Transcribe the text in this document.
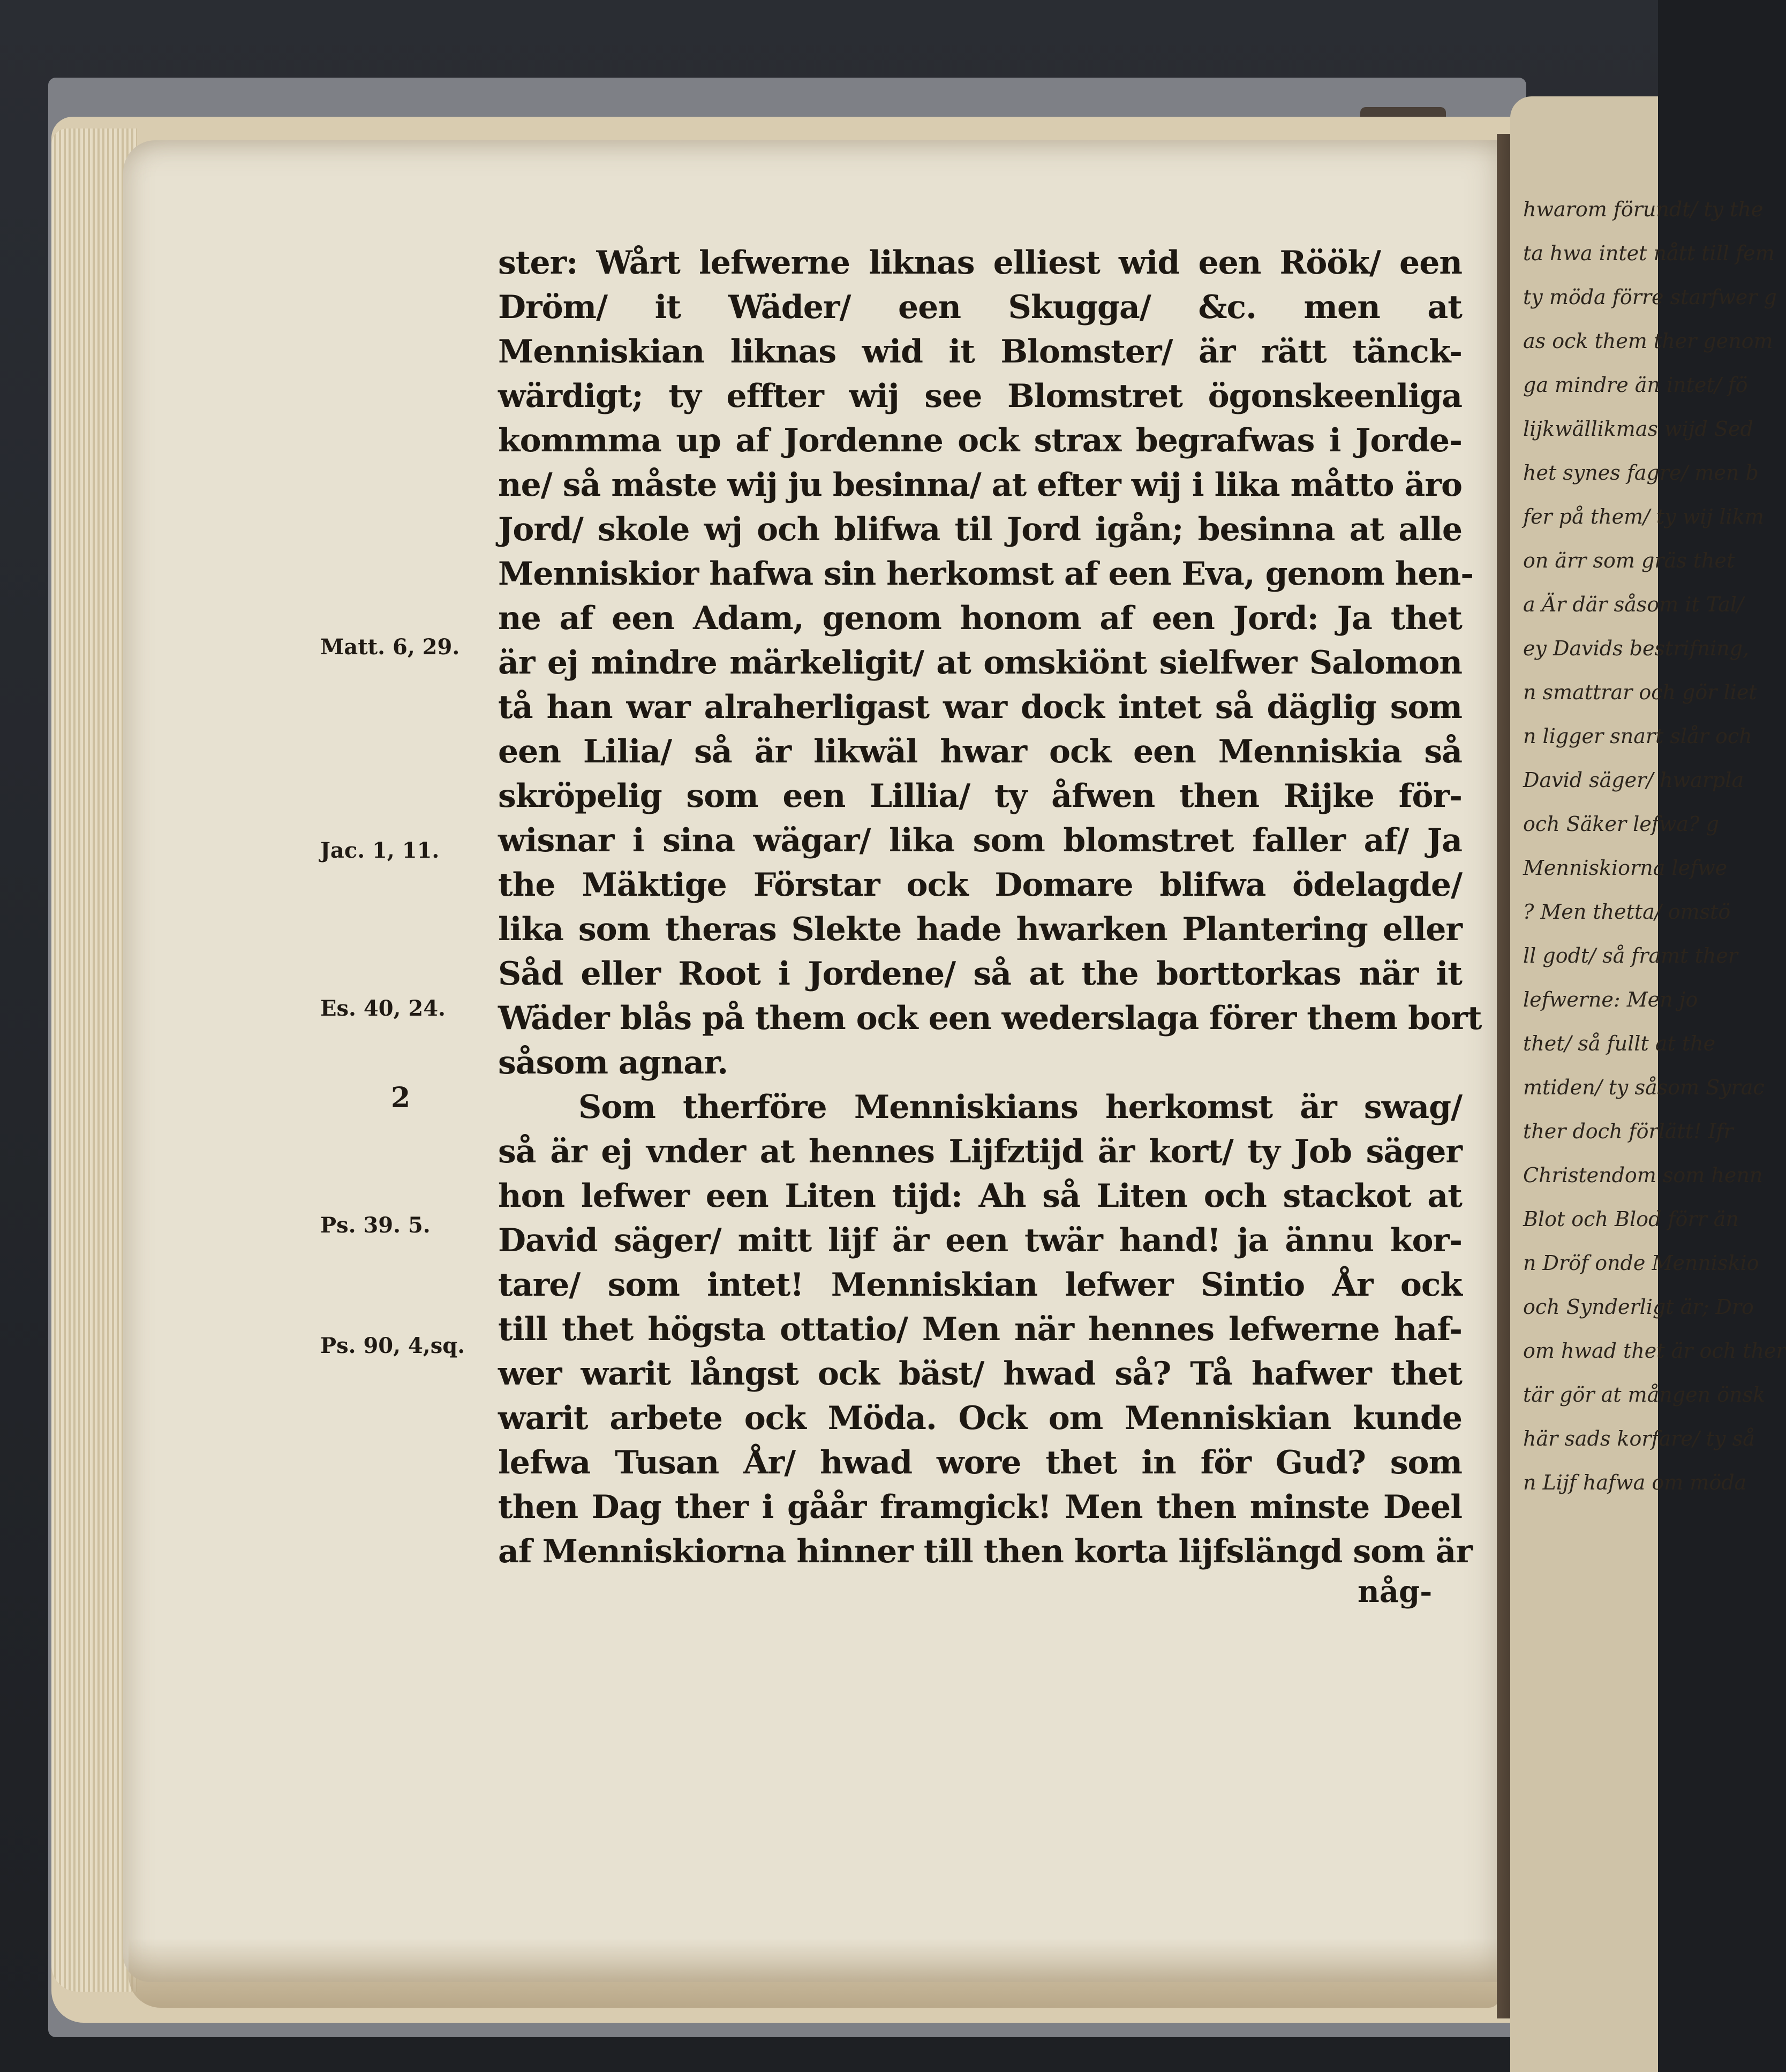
hwarom förundt/ ty the
ta hwa intet nått till fem
ty möda förre starfwer g
as ock them ther genom
ga mindre än intet/ fö
lijkwällikmas wijd Sed
het synes fagre/ men b
fer på them/ ty wij likm
on ärr som gräs thet
a Är där såsom it Tal/
ey Davids bestrifning,
n smattrar och gör liet
n ligger snart slår och
David säger/ hwarpla
och Säker lefwa? g
Menniskiorna lefwe
? Men thetta/ omstö
ll godt/ så framt ther
lefwerne: Men jo
thet/ så fullt at the
mtiden/ ty såsom Syrac
ther doch förlätt! Ifr
Christendom som henn
Blot och Blod förr än
n Dröf onde Menniskio
och Synderligt är; Dro
om hwad thet är och ther
tär gör at mången önsk
här sads korfare/ ty så
n Lijf hafwa om möda
ster: Wårt lefwerne liknas elliest wid een Röök/ een
Dröm/ it Wäder/ een Skugga/ &c. men at
Menniskian liknas wid it Blomster/ är rätt tänck-
wärdigt; ty effter wij see Blomstret ögonskeenliga
kommma up af Jordenne ock strax begrafwas i Jorde-
ne/ så måste wij ju besinna/ at efter wij i lika måtto äro
Jord/ skole wj och blifwa til Jord igån; besinna at alle
Menniskior hafwa sin herkomst af een Eva, genom hen-
ne af een Adam, genom honom af een Jord: Ja thet
är ej mindre märkeligit/ at omskiönt sielfwer Salomon
tå han war alraherligast war dock intet så däglig som
een Lilia/ så är likwäl hwar ock een Menniskia så
skröpelig som een Lillia/ ty åfwen then Rijke för-
wisnar i sina wägar/ lika som blomstret faller af/ Ja
the Mäktige Förstar ock Domare blifwa ödelagde/
lika som theras Slekte hade hwarken Plantering eller
Såd eller Root i Jordene/ så at the borttorkas när it
Wäder blås på them ock een wederslaga förer them bort
såsom agnar.
Som therföre Menniskians herkomst är swag/
så är ej vnder at hennes Lijfztijd är kort/ ty Job säger
hon lefwer een Liten tijd: Ah så Liten och stackot at
David säger/ mitt lijf är een twär hand! ja ännu kor-
tare/ som intet! Menniskian lefwer Sintio År ock
till thet högsta ottatio/ Men när hennes lefwerne haf-
wer warit långst ock bäst/ hwad så? Tå hafwer thet
warit arbete ock Möda. Ock om Menniskian kunde
lefwa Tusan År/ hwad wore thet in för Gud? som
then Dag ther i gåår framgick! Men then minste Deel
af Menniskiorna hinner till then korta lijfslängd som är
någ-
Matt. 6, 29.
Jac. 1, 11.
Es. 40, 24.
2
Ps. 39. 5.
Ps. 90, 4,sq.
